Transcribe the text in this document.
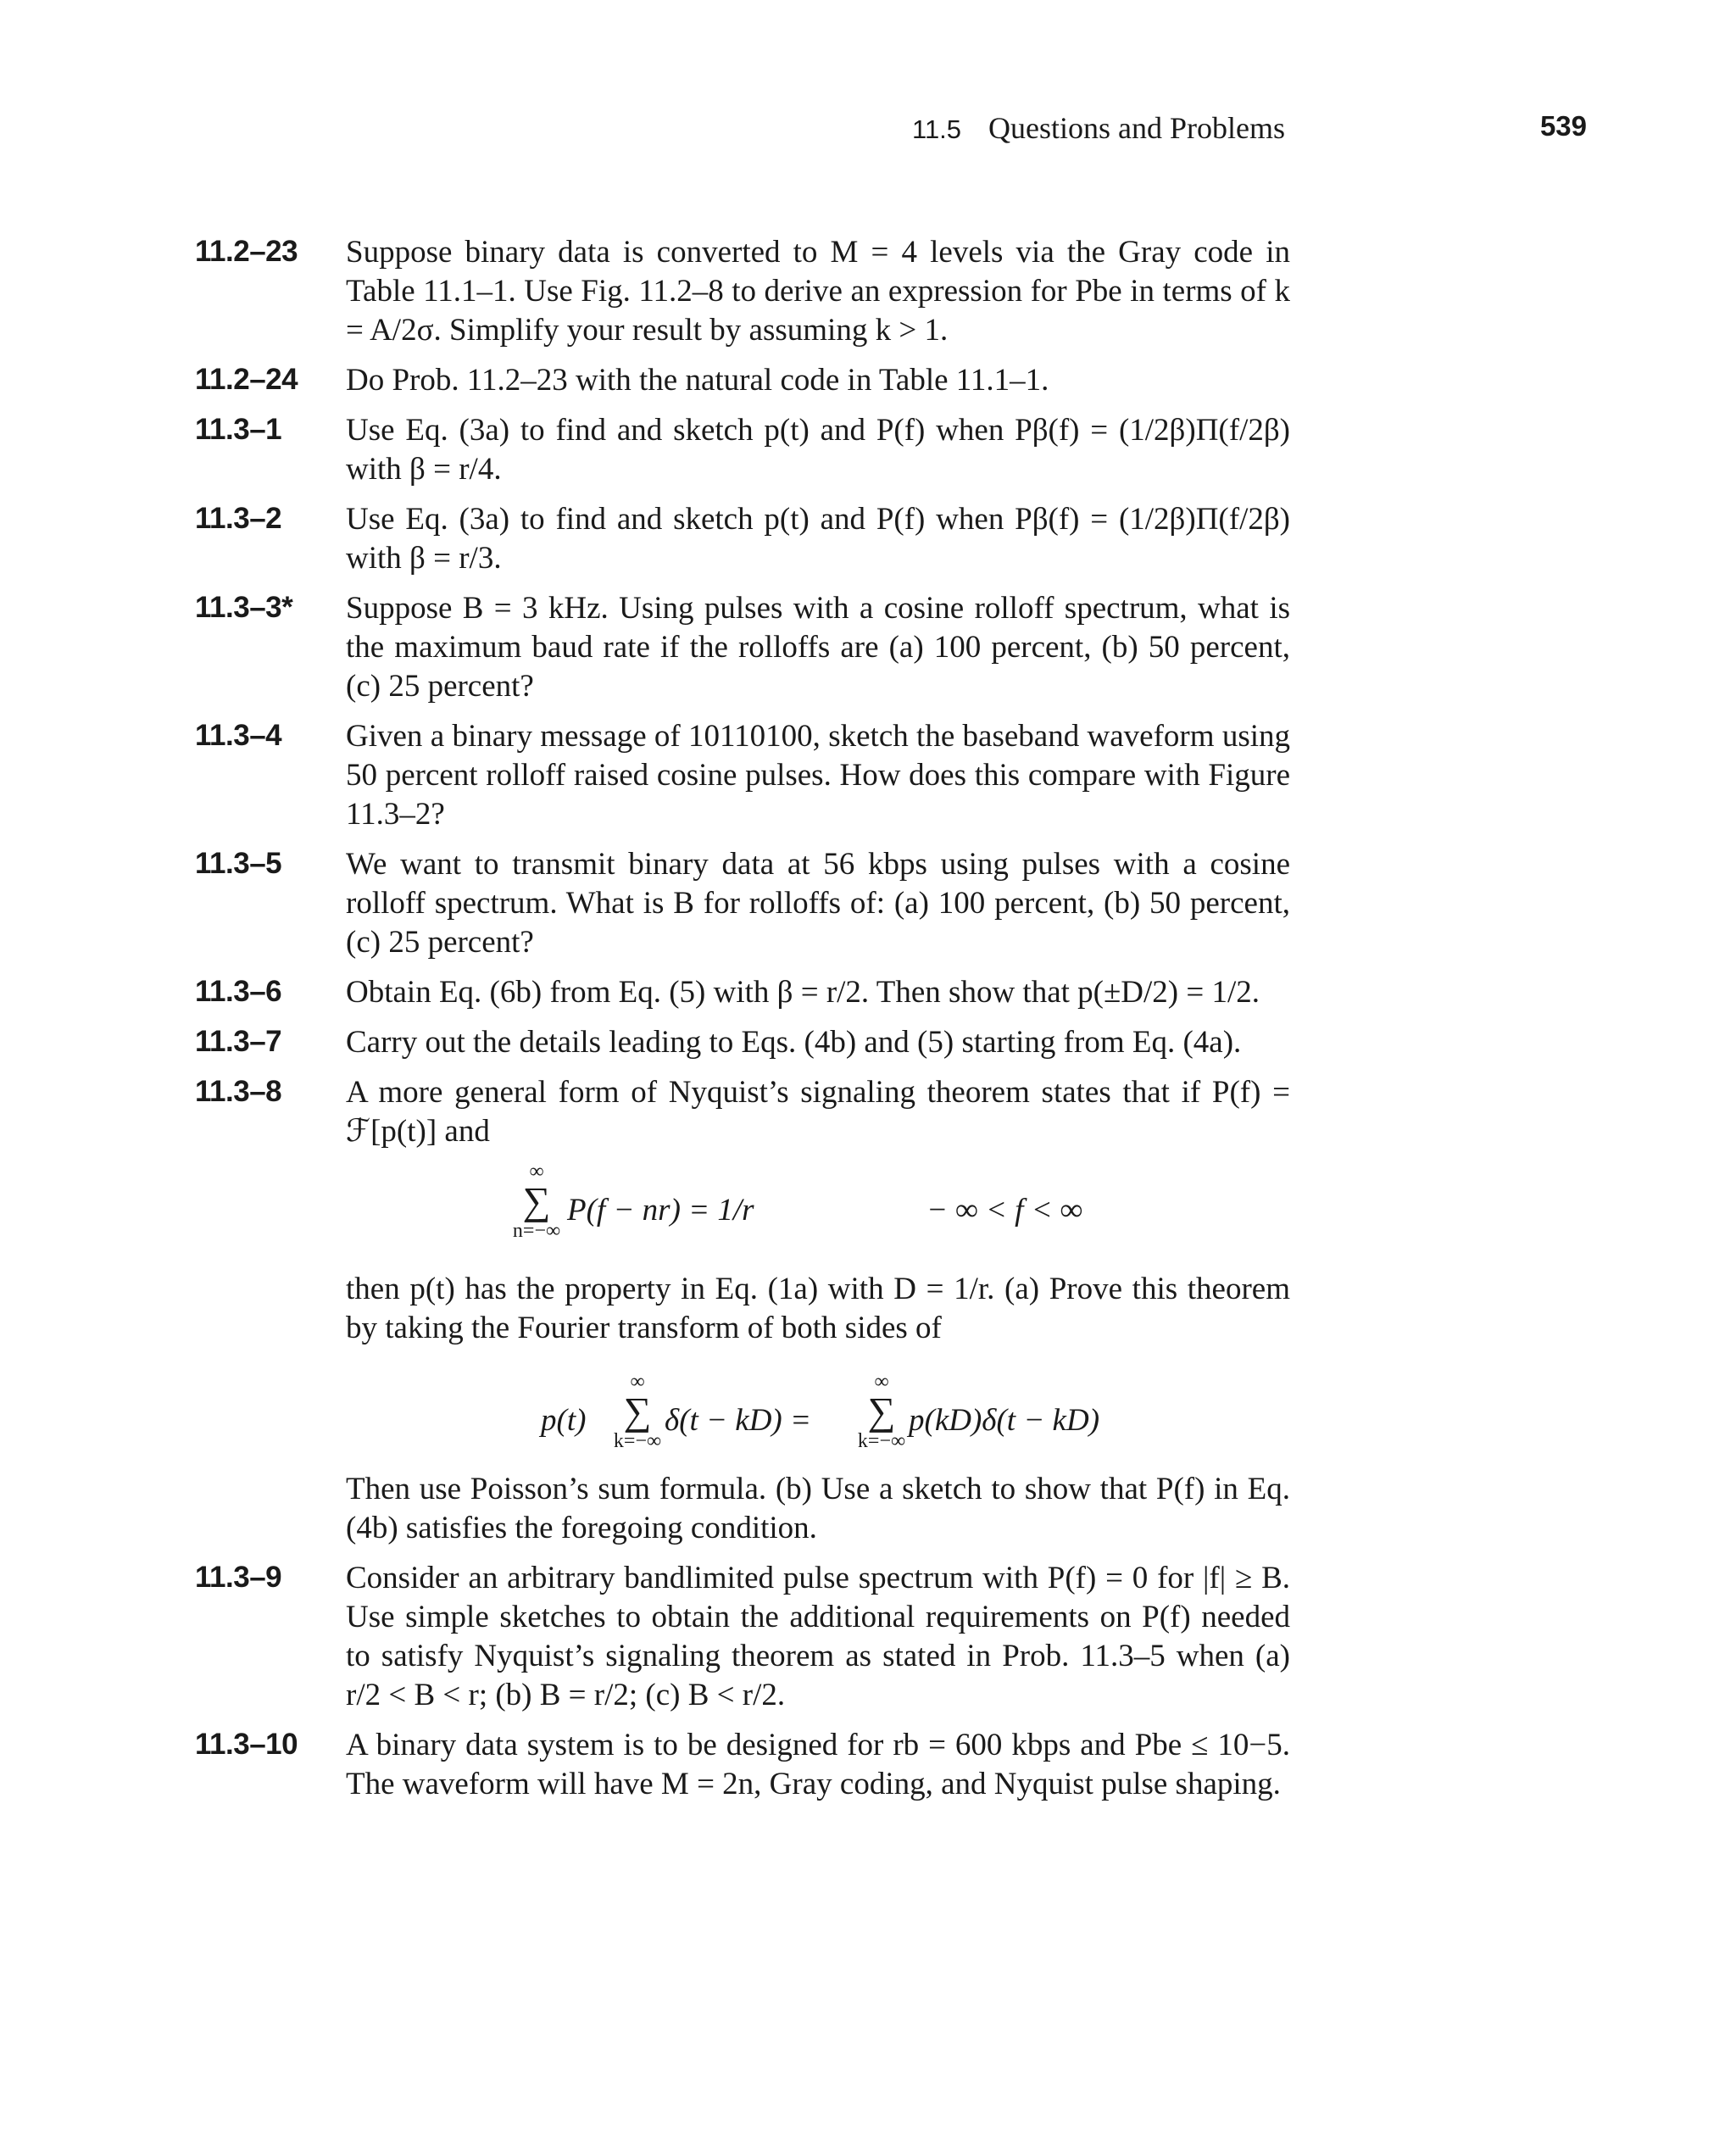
11.5 Questions and Problems	539
11.2–23 Suppose binary data is converted to M = 4 levels via the Gray code in Table 11.1–1. Use Fig. 11.2–8 to derive an expression for Pbe in terms of k = A/2σ. Simplify your result by assuming k > 1.
11.2–24 Do Prob. 11.2–23 with the natural code in Table 11.1–1.
11.3–1 Use Eq. (3a) to find and sketch p(t) and P(f) when Pβ(f) = (1/2β)Π(f/2β) with β = r/4.
11.3–2 Use Eq. (3a) to find and sketch p(t) and P(f) when Pβ(f) = (1/2β)Π(f/2β) with β = r/3.
11.3–3* Suppose B = 3 kHz. Using pulses with a cosine rolloff spectrum, what is the maximum baud rate if the rolloffs are (a) 100 percent, (b) 50 percent, (c) 25 percent?
11.3–4 Given a binary message of 10110100, sketch the baseband waveform using 50 percent rolloff raised cosine pulses. How does this compare with Figure 11.3–2?
11.3–5 We want to transmit binary data at 56 kbps using pulses with a cosine rolloff spectrum. What is B for rolloffs of: (a) 100 percent, (b) 50 percent, (c) 25 percent?
11.3–6 Obtain Eq. (6b) from Eq. (5) with β = r/2. Then show that p(±D/2) = 1/2.
11.3–7 Carry out the details leading to Eqs. (4b) and (5) starting from Eq. (4a).
11.3–8 A more general form of Nyquist’s signaling theorem states that if P(f) = ℱ[p(t)] and
∞
∑
n=−∞
P(f − nr) = 1/r	− ∞ < f < ∞
then p(t) has the property in Eq. (1a) with D = 1/r. (a) Prove this theorem by taking the Fourier transform of both sides of
p(t)
∞
∑
k=−∞
δ(t − kD) =
∞
∑
k=−∞
p(kD)δ(t − kD)
Then use Poisson’s sum formula. (b) Use a sketch to show that P(f) in Eq. (4b) satisfies the foregoing condition.
11.3–9 Consider an arbitrary bandlimited pulse spectrum with P(f) = 0 for |f| ≥ B. Use simple sketches to obtain the additional requirements on P(f) needed to satisfy Nyquist’s signaling theorem as stated in Prob. 11.3–5 when (a) r/2 < B < r; (b) B = r/2; (c) B < r/2.
11.3–10 A binary data system is to be designed for rb = 600 kbps and Pbe ≤ 10−5. The waveform will have M = 2n, Gray coding, and Nyquist pulse shaping.
